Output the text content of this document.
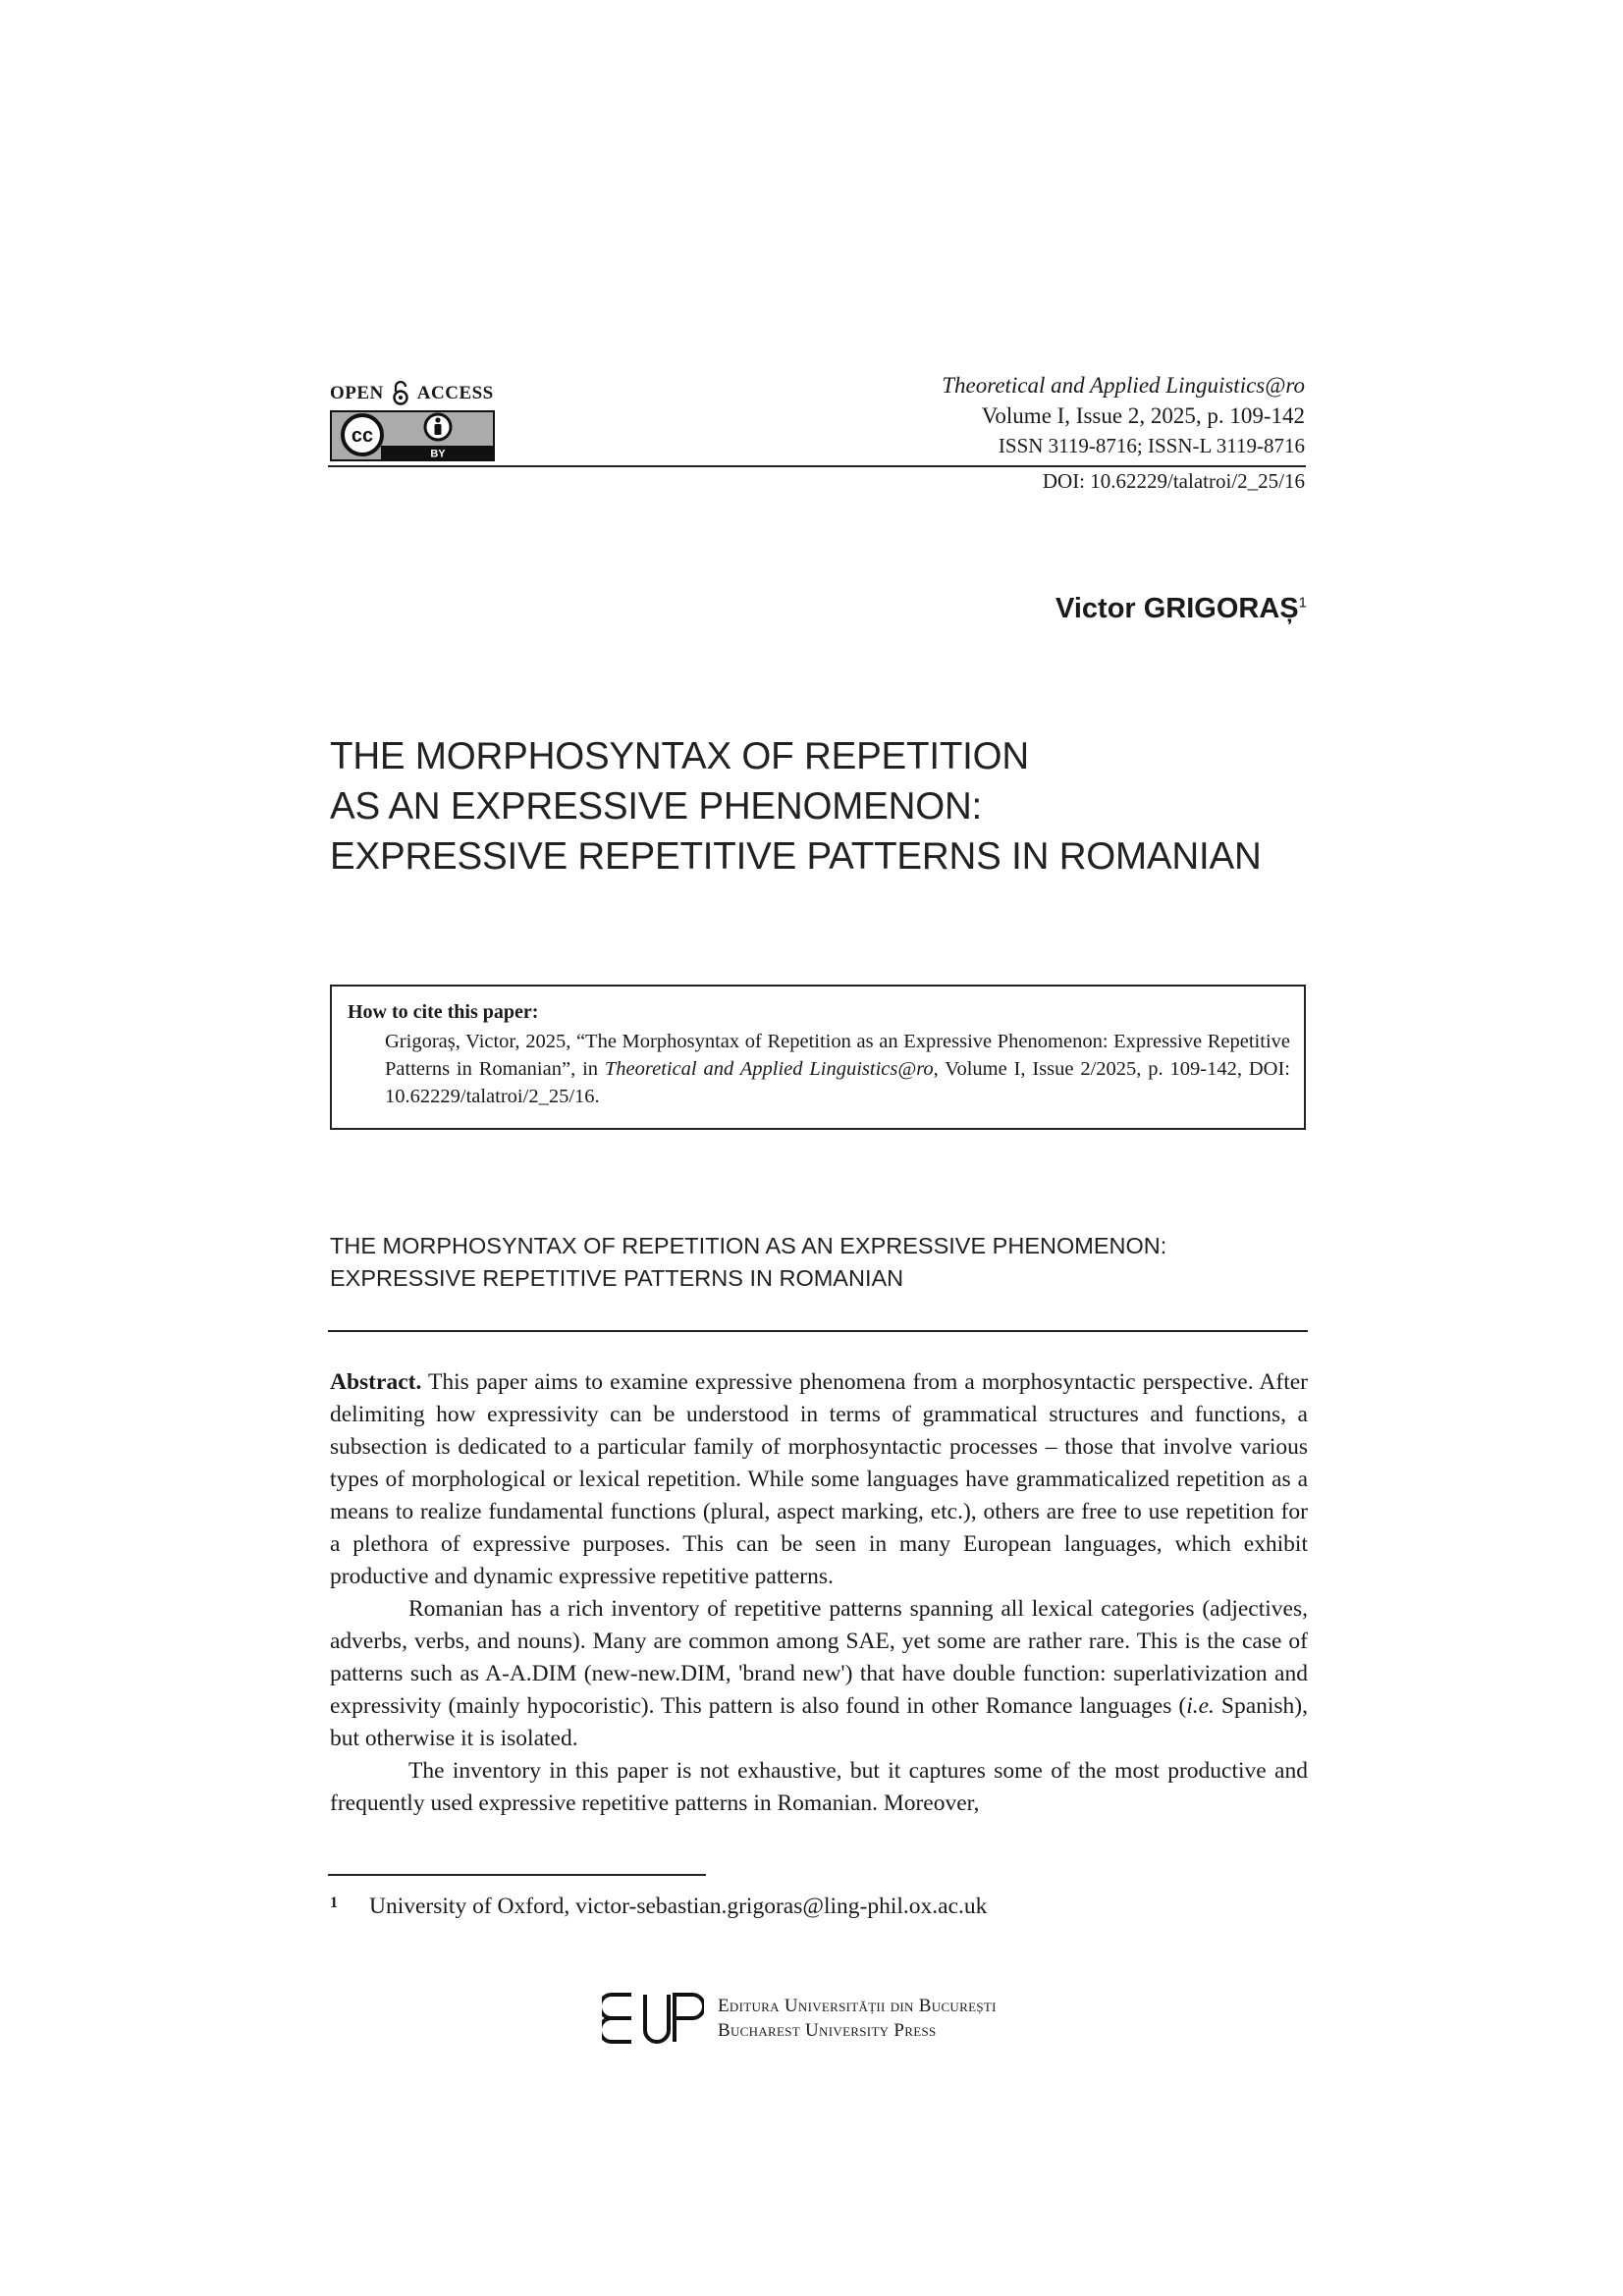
OPEN ACCESS
cc
BY
Theoretical and Applied Linguistics@ro
Volume I, Issue 2, 2025, p. 109-142
ISSN 3119-8716; ISSN-L 3119-8716
DOI: 10.62229/talatroi/2_25/16
Victor GRIGORAȘ$^1$
THE MORPHOSYNTAX OF REPETITION
AS AN EXPRESSIVE PHENOMENON:
EXPRESSIVE REPETITIVE PATTERNS IN ROMANIAN
How to cite this paper:
Grigoraș, Victor, 2025, “The Morphosyntax of Repetition as an Expressive Phenomenon: Expressive Repetitive Patterns in Romanian”, in Theoretical and Applied Linguistics@ro, Volume I, Issue 2/2025, p. 109-142, DOI: 10.62229/talatroi/2_25/16.
THE MORPHOSYNTAX OF REPETITION AS AN EXPRESSIVE PHENOMENON:
EXPRESSIVE REPETITIVE PATTERNS IN ROMANIAN

Abstract. This paper aims to examine expressive phenomena from a morphosyntactic perspective. After delimiting how expressivity can be understood in terms of grammatical structures and functions, a subsection is dedicated to a particular family of morphosyntactic processes – those that involve various types of morphological or lexical repetition. While some languages have grammaticalized repetition as a means to realize fundamental functions (plural, aspect marking, etc.), others are free to use repetition for a plethora of expressive purposes. This can be seen in many European languages, which exhibit productive and dynamic expressive repetitive patterns.

Romanian has a rich inventory of repetitive patterns spanning all lexical categories (adjectives, adverbs, verbs, and nouns). Many are common among SAE, yet some are rather rare. This is the case of patterns such as A-A.DIM (new-new.DIM, 'brand new') that have double function: superlativization and expressivity (mainly hypocoristic). This pattern is also found in other Romance languages (i.e. Spanish), but otherwise it is isolated.

The inventory in this paper is not exhaustive, but it captures some of the most productive and frequently used expressive repetitive patterns in Romanian. Moreover,

1 University of Oxford, victor-sebastian.grigoras@ling-phil.ox.ac.uk
Editura Universității din București
Bucharest University Press
